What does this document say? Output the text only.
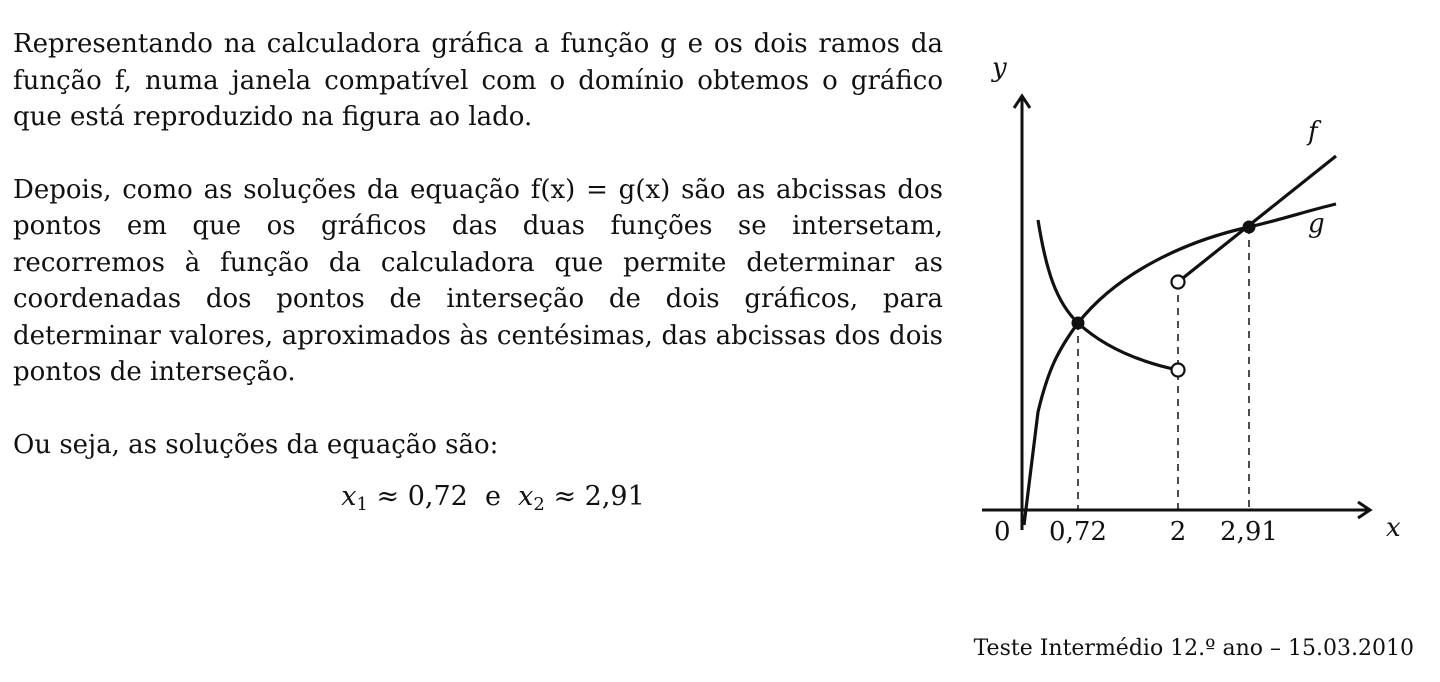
Representando na calculadora gráfica a função g e os dois ramos da função f, numa janela compatível com o domínio obtemos o gráfico que está reproduzido na figura ao lado.

Depois, como as soluções da equação f(x) = g(x) são as abcissas dos pontos em que os gráficos das duas funções se intersetam, recorremos à função da calculadora que permite determinar as coordenadas dos pontos de interseção de dois gráficos, para determinar valores, aproximados às centésimas, das abcissas dos dois pontos de interseção.

Ou seja, as soluções da equação são:

$x_1 \approx 0,72$ e $x_2 \approx 2,91$
y
x
0 0,72 2 2,91
f
g
Teste Intermédio 12.º ano – 15.03.2010
